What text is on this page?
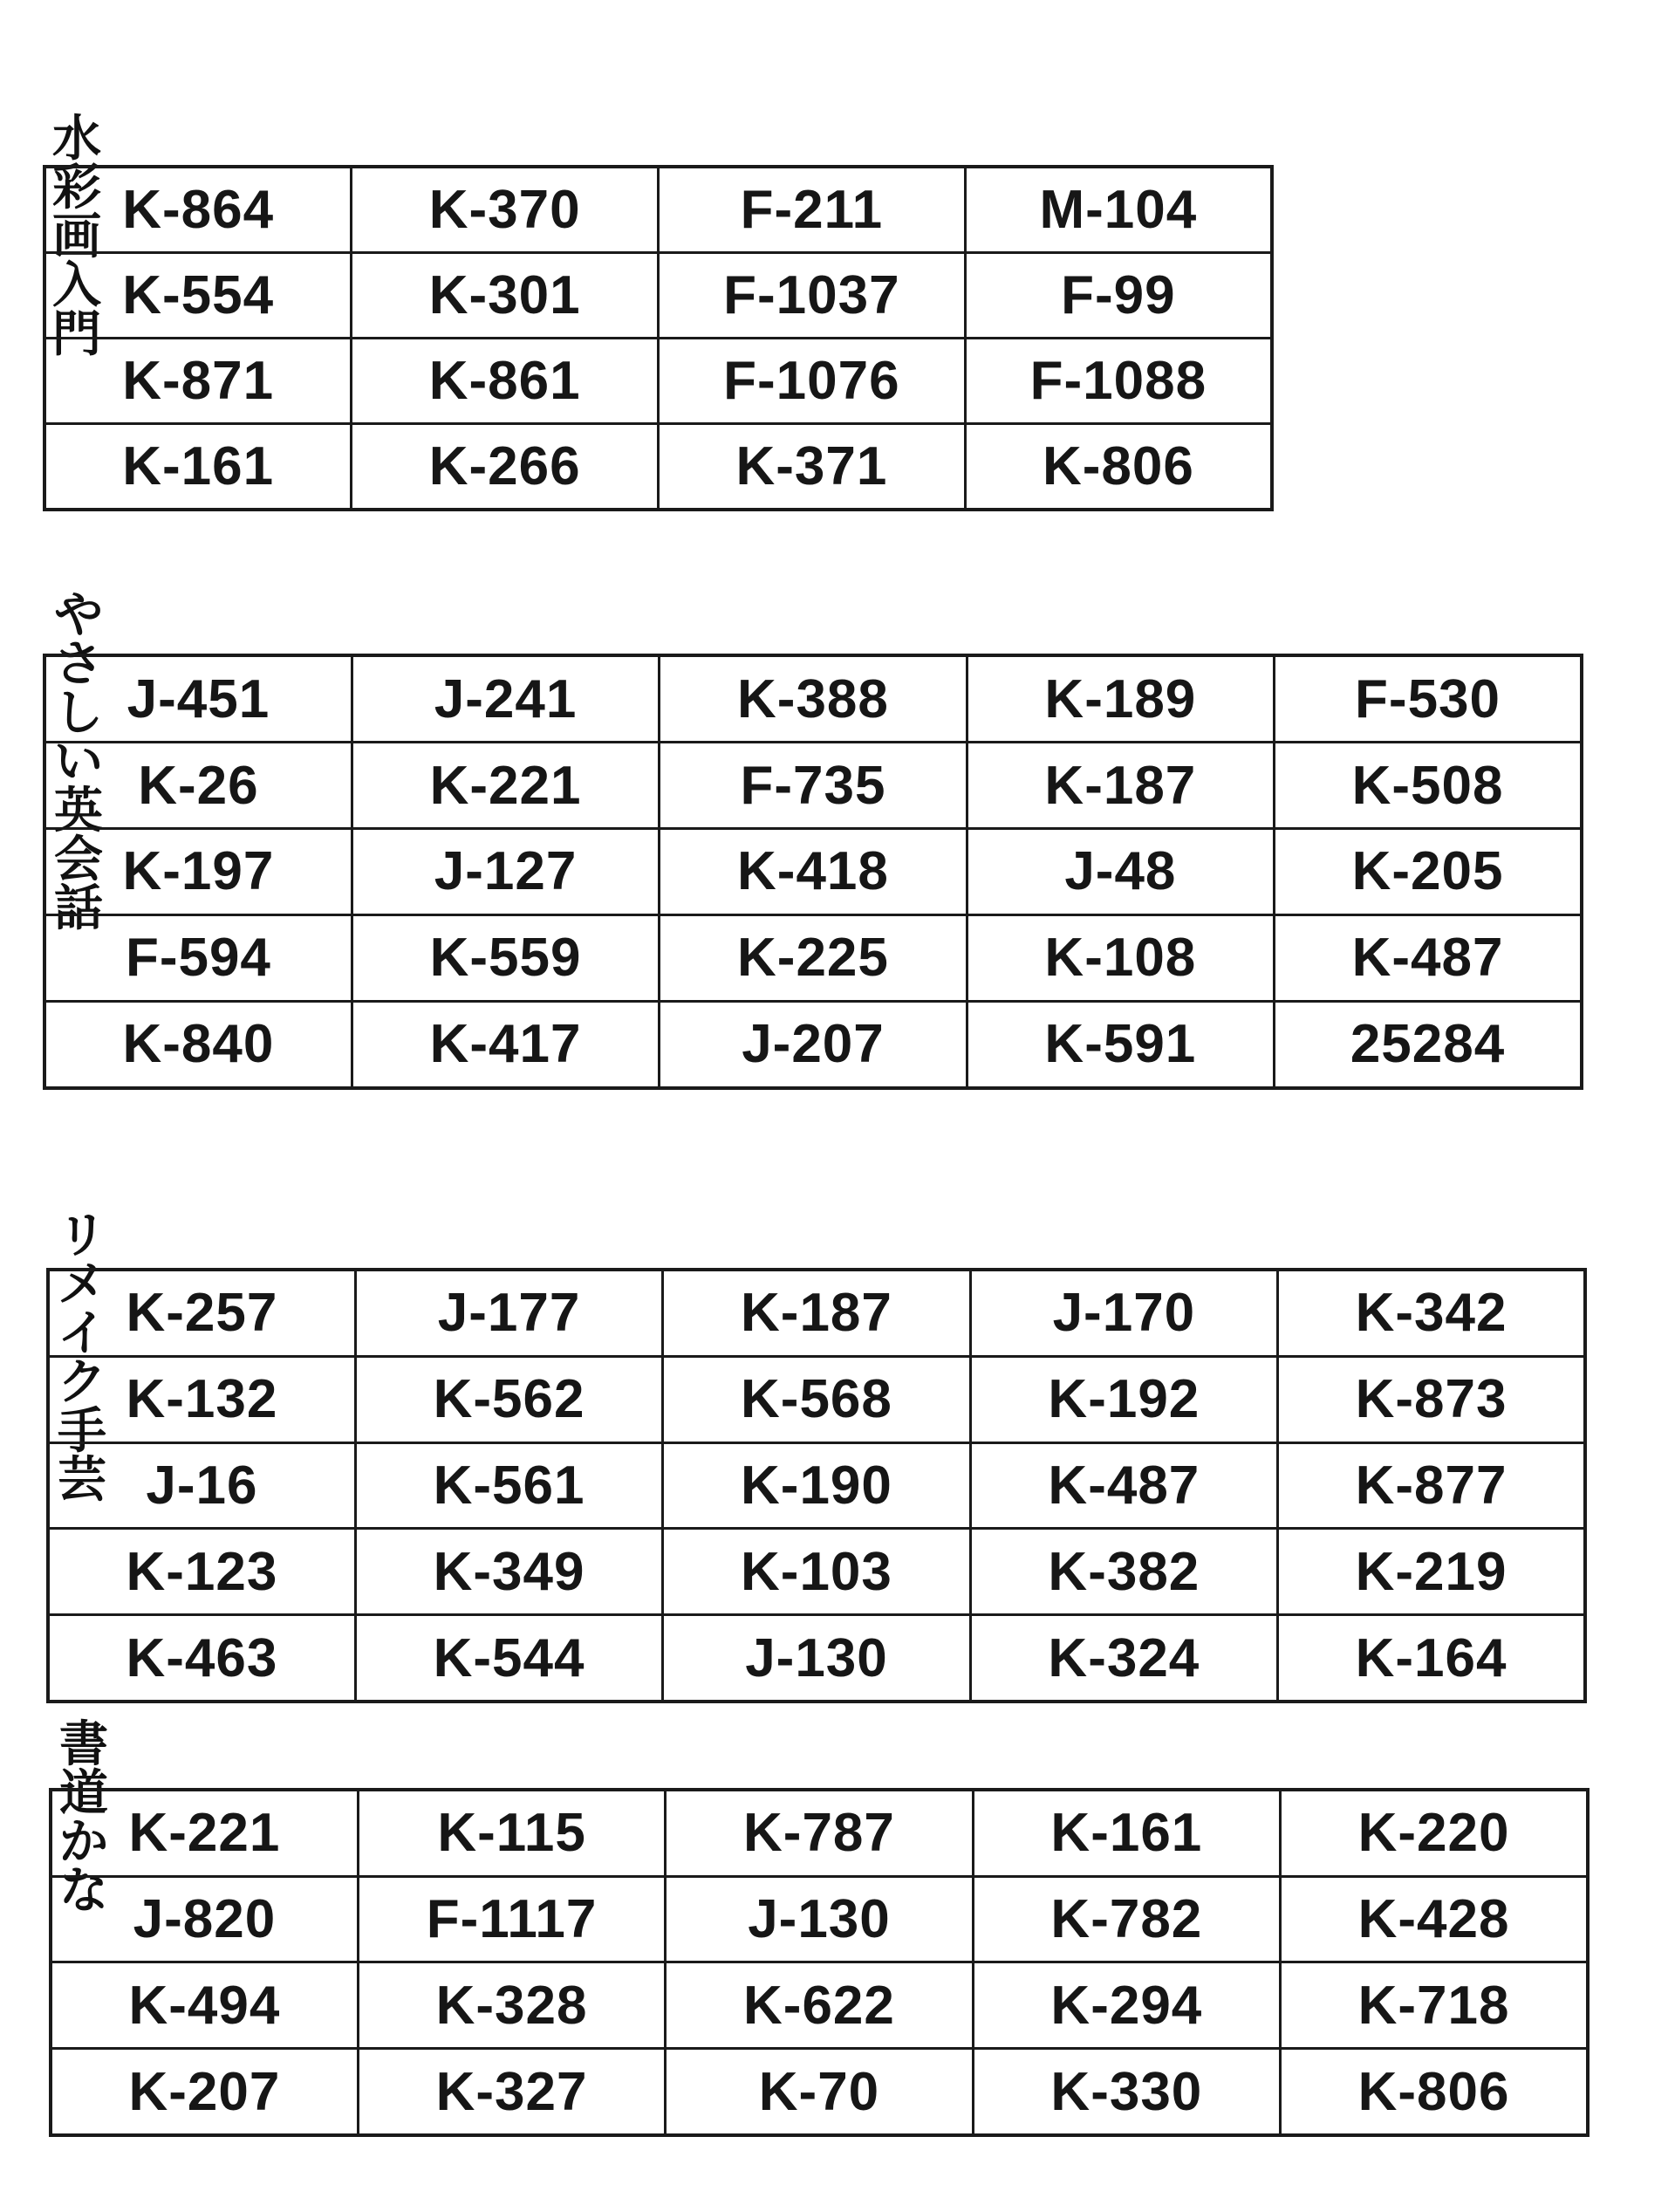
水彩画入門
K-864	K-370	F-211	M-104
K-554	K-301	F-1037	F-99
K-871	K-861	F-1076	F-1088
K-161	K-266	K-371	K-806
やさしい英会話
J-451	J-241	K-388	K-189	F-530
K-26	K-221	F-735	K-187	K-508
K-197	J-127	K-418	J-48	K-205
F-594	K-559	K-225	K-108	K-487
K-840	K-417	J-207	K-591	25284
リメイク手芸
K-257	J-177	K-187	J-170	K-342
K-132	K-562	K-568	K-192	K-873
J-16	K-561	K-190	K-487	K-877
K-123	K-349	K-103	K-382	K-219
K-463	K-544	J-130	K-324	K-164
書道かな
K-221	K-115	K-787	K-161	K-220
J-820	F-1117	J-130	K-782	K-428
K-494	K-328	K-622	K-294	K-718
K-207	K-327	K-70	K-330	K-806
